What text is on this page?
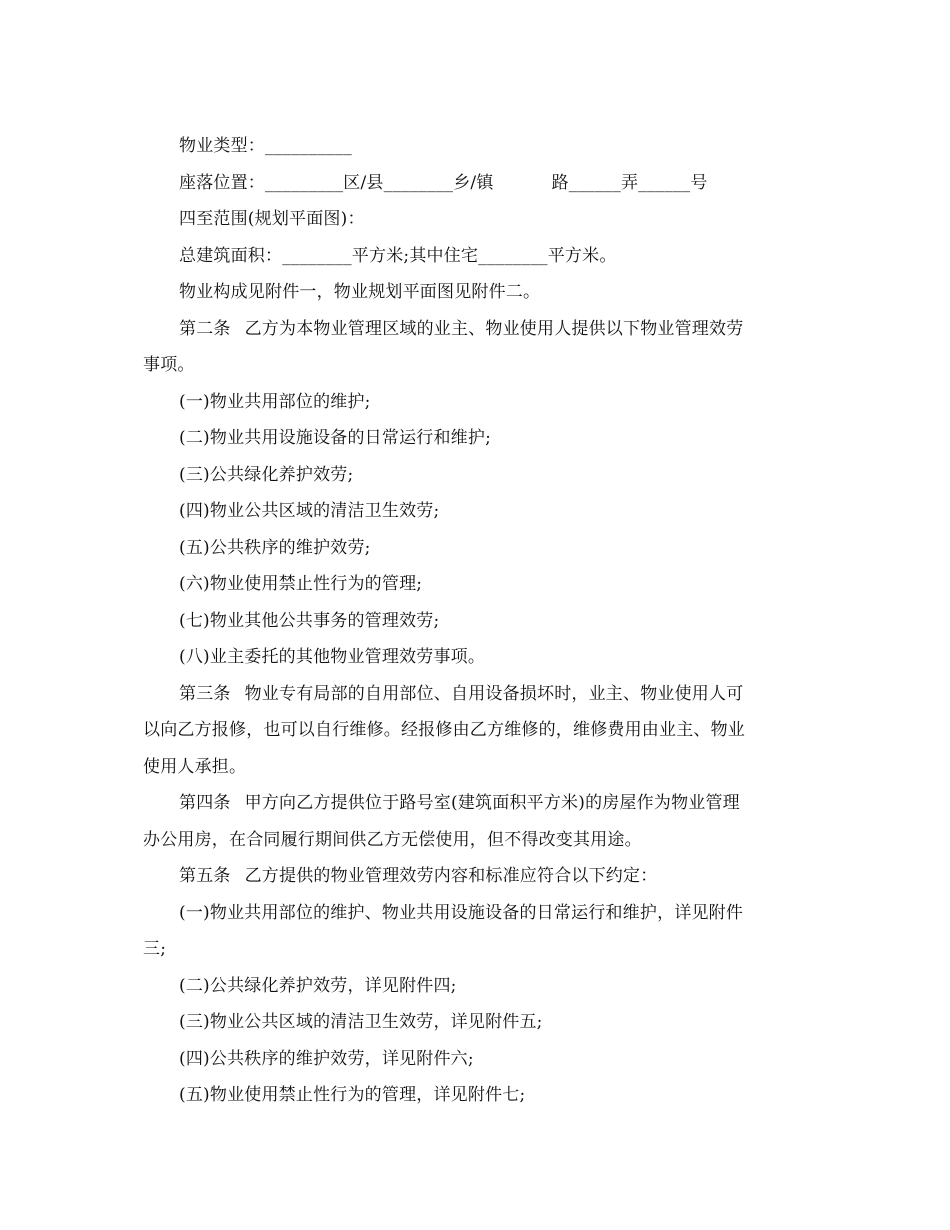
物业类型：__________
座落位置：_________区/县________乡/镇	路______弄______号
四至范围(规划平面图)：
总建筑面积：________平方米;其中住宅________平方米。
物业构成见附件一，物业规划平面图见附件二。
第二条 乙方为本物业管理区域的业主、物业使用人提供以下物业管理效劳
事项。
(一)物业共用部位的维护;
(二)物业共用设施设备的日常运行和维护;
(三)公共绿化养护效劳;
(四)物业公共区域的清洁卫生效劳;
(五)公共秩序的维护效劳;
(六)物业使用禁止性行为的管理;
(七)物业其他公共事务的管理效劳;
(八)业主委托的其他物业管理效劳事项。
第三条 物业专有局部的自用部位、自用设备损坏时，业主、物业使用人可
以向乙方报修，也可以自行维修。经报修由乙方维修的，维修费用由业主、物业
使用人承担。
第四条 甲方向乙方提供位于路号室(建筑面积平方米)的房屋作为物业管理
办公用房，在合同履行期间供乙方无偿使用，但不得改变其用途。
第五条 乙方提供的物业管理效劳内容和标准应符合以下约定：
(一)物业共用部位的维护、物业共用设施设备的日常运行和维护，详见附件
三;
(二)公共绿化养护效劳，详见附件四;
(三)物业公共区域的清洁卫生效劳，详见附件五;
(四)公共秩序的维护效劳，详见附件六;
(五)物业使用禁止性行为的管理，详见附件七;
